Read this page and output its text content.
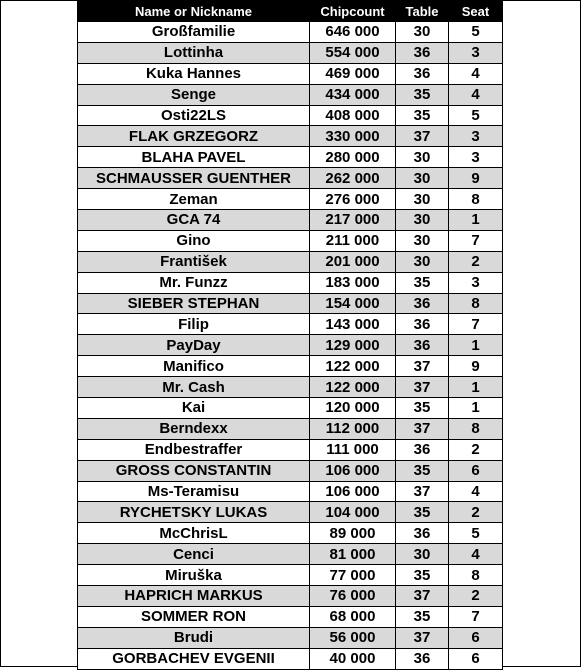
Name or Nickname	Chipcount	Table	Seat
Großfamilie	646 000	30	5
Lottinha	554 000	36	3
Kuka Hannes	469 000	36	4
Senge	434 000	35	4
Osti22LS	408 000	35	5
FLAK GRZEGORZ	330 000	37	3
BLAHA PAVEL	280 000	30	3
SCHMAUSSER GUENTHER	262 000	30	9
Zeman	276 000	30	8
GCA 74	217 000	30	1
Gino	211 000	30	7
František	201 000	30	2
Mr. Funzz	183 000	35	3
SIEBER STEPHAN	154 000	36	8
Filip	143 000	36	7
PayDay	129 000	36	1
Manifico	122 000	37	9
Mr. Cash	122 000	37	1
Kai	120 000	35	1
Berndexx	112 000	37	8
Endbestraffer	111 000	36	2
GROSS CONSTANTIN	106 000	35	6
Ms-Teramisu	106 000	37	4
RYCHETSKY LUKAS	104 000	35	2
McChrisL	89 000	36	5
Cenci	81 000	30	4
Miruška	77 000	35	8
HAPRICH MARKUS	76 000	37	2
SOMMER RON	68 000	35	7
Brudi	56 000	37	6
GORBACHEV EVGENII	40 000	36	6
